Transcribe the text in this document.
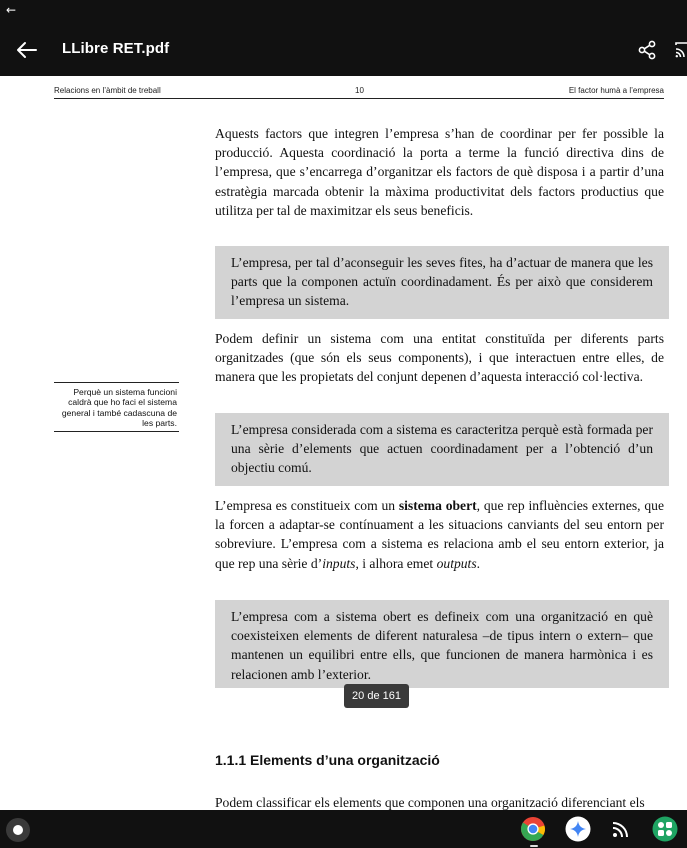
←
LLibre RET.pdf
Relacions en l’àmbit de treball	10	El factor humà a l’empresa
Aquests factors que integren l’empresa s’han de coordinar per fer possible la producció. Aquesta coordinació la porta a terme la funció directiva dins de l’empresa, que s’encarrega d’organitzar els factors de què disposa i a partir d’una estratègia marcada obtenir la màxima productivitat dels factors productius que utilitza per tal de maximitzar els seus beneficis.
L’empresa, per tal d’aconseguir les seves fites, ha d’actuar de manera que les parts que la componen actuïn coordinadament. És per això que considerem l’empresa un sistema.
Podem definir un sistema com una entitat constituïda per diferents parts organitzades (que són els seus components), i que interactuen entre elles, de manera que les propietats del conjunt depenen d’aquesta interacció col·lectiva.
Perquè un sistema funcioni caldrà que ho faci el sistema general i també cadascuna de les parts.	L’empresa considerada com a sistema es caracteritza perquè està formada per una sèrie d’elements que actuen coordinadament per a l’obtenció d’un objectiu comú.
L’empresa es constitueix com un sistema obert, que rep influències externes, que la forcen a adaptar-se contínuament a les situacions canviants del seu entorn per sobreviure. L’empresa com a sistema es relaciona amb el seu entorn exterior, ja que rep una sèrie d’inputs, i alhora emet outputs.
L’empresa com a sistema obert es defineix com una organització en què coexisteixen elements de diferent naturalesa –de tipus intern o extern– que mantenen un equilibri entre ells, que funcionen de manera harmònica i es relacionen amb l’exterior.
1.1.1 Elements d’una organització
Podem classificar els elements que componen una organització diferenciant els
20 de 161
